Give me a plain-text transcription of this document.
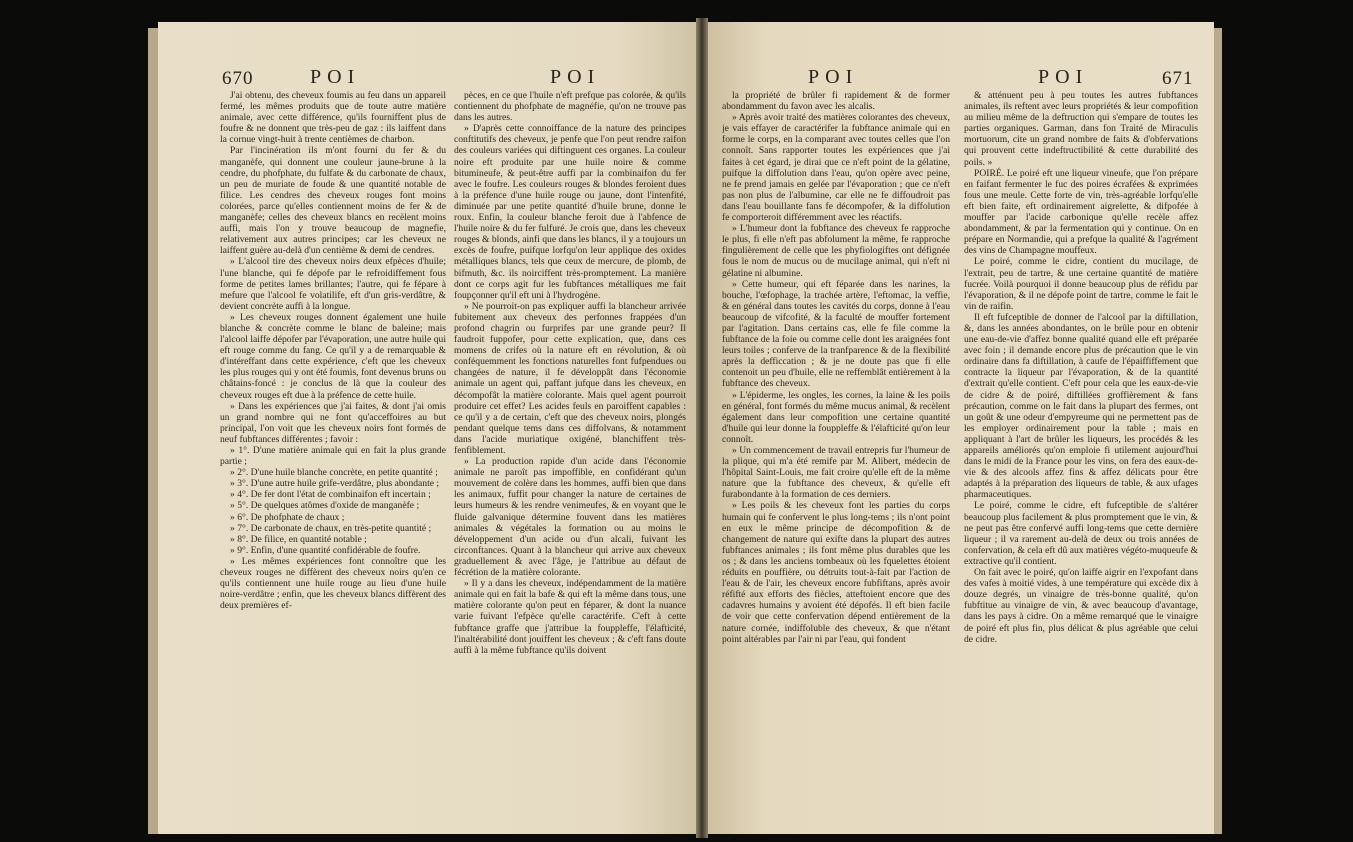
670	POI	POI	POI	POI	671

J'ai obtenu, des cheveux foumis au feu dans un appareil fermé, les mêmes produits que de toute autre matière animale, avec cette différence, qu'ils fourniffent plus de foufre & ne donnent que très-peu de gaz : ils laiffent dans la cornue vingt-huit à trente centièmes de charbon.

Par l'incinération ils m'ont fourni du fer & du manganèfe, qui donnent une couleur jaune-brune à la cendre, du phofphate, du fulfate & du carbonate de chaux, un peu de muriate de foude & une quantité notable de filice. Les cendres des cheveux rouges font moins colorées, parce qu'elles contiennent moins de fer & de manganèfe; celles des cheveux blancs en recèlent moins auffi, mais l'on y trouve beaucoup de magnefie, relativement aux autres principes; car les cheveux ne laiffent guère au-delà d'un centième & demi de cendres.

» L'alcool tire des cheveux noirs deux efpèces d'huile; l'une blanche, qui fe dépofe par le refroidiffement fous forme de petites lames brillantes; l'autre, qui fe fépare à mefure que l'alcool fe volatilife, eft d'un gris-verdâtre, & devient concrète auffi à la longue.

» Les cheveux rouges donnent également une huile blanche & concrète comme le blanc de baleine; mais l'alcool laiffe dépofer par l'évaporation, une autre huile qui eft rouge comme du fang. Ce qu'il y a de remarquable & d'intéreffant dans cette expérience, c'eft que les cheveux les plus rouges qui y ont été foumis, font devenus bruns ou châtains-foncé : je conclus de là que la couleur des cheveux rouges eft due à la préfence de cette huile.

» Dans les expériences que j'ai faites, & dont j'ai omis un grand nombre qui ne font qu'acceffoires au but principal, l'on voit que les cheveux noirs font formés de neuf fubftances différentes ; favoir :

» 1°. D'une matière animale qui en fait la plus grande partie ;

» 2°. D'une huile blanche concrète, en petite quantité ;

» 3°. D'une autre huile grife-verdâtre, plus abondante ;

» 4°. De fer dont l'état de combinaifon eft incertain ;

» 5°. De quelques atômes d'oxide de manganèfe ;

» 6°. De phofphate de chaux ;

» 7°. De carbonate de chaux, en très-petite quantité ;

» 8°. De filice, en quantité notable ;

» 9°. Enfin, d'une quantité confidérable de foufre.

» Les mêmes expériences font connoître que les cheveux rouges ne diffèrent des cheveux noirs qu'en ce qu'ils contiennent une huile rouge au lieu d'une huile noire-verdâtre ; enfin, que les cheveux blancs diffèrent des deux premières ef-

pèces, en ce que l'huile n'eft prefque pas colorée, & qu'ils contiennent du phofphate de magnéfie, qu'on ne trouve pas dans les autres.

» D'après cette connoiffance de la nature des principes conftitutifs des cheveux, je penfe que l'on peut rendre raifon des couleurs variées qui diftinguent ces organes. La couleur noire eft produite par une huile noire & comme bitumineufe, & peut-être auffi par la combinaifon du fer avec le foufre. Les couleurs rouges & blondes feroient dues à la préfence d'une huile rouge ou jaune, dont l'intenfité, diminuée par une petite quantité d'huile brune, donne le roux. Enfin, la couleur blanche feroit due à l'abfence de l'huile noire & du fer fulfuré. Je crois que, dans les cheveux rouges & blonds, ainfi que dans les blancs, il y a toujours un excès de foufre, puifque lorfqu'on leur applique des oxides métalliques blancs, tels que ceux de mercure, de plomb, de bifmuth, &c. ils noirciffent très-promptement. La manière dont ce corps agit fur les fubftances métalliques me fait foupçonner qu'il eft uni à l'hydrogène.

» Ne pourroit-on pas expliquer auffi la blancheur arrivée fubitement aux cheveux des perfonnes frappées d'un profond chagrin ou furprifes par une grande peur? Il faudroit fuppofer, pour cette explication, que, dans ces momens de crifes où la nature eft en révolution, & où conféquemment les fonctions naturelles font fufpendues ou changées de nature, il fe développât dans l'économie animale un agent qui, paffant jufque dans les cheveux, en décompofât la matière colorante. Mais quel agent pourroit produire cet effet? Les acides feuls en paroiffent capables : ce qu'il y a de certain, c'eft que des cheveux noirs, plongés pendant quelque tems dans ces diffolvans, & notamment dans l'acide muriatique oxigéné, blanchiffent très-fenfiblement.

» La production rapide d'un acide dans l'économie animale ne paroît pas impoffible, en confidérant qu'un mouvement de colère dans les hommes, auffi bien que dans les animaux, fuffit pour changer la nature de certaines de leurs humeurs & les rendre venimeufes, & en voyant que le fluide galvanique détermine fouvent dans les matières animales & végétales la formation ou au moins le développement d'un acide ou d'un alcali, fuivant les circonftances. Quant à la blancheur qui arrive aux cheveux graduellement & avec l'âge, je l'attribue au défaut de fécrétion de la matière colorante.

» Il y a dans les cheveux, indépendamment de la matière animale qui en fait la bafe & qui eft la même dans tous, une matière colorante qu'on peut en féparer, & dont la nuance varie fuivant l'efpèce qu'elle caractérife. C'eft à cette fubftance graffe que j'attribue la fouppleffe, l'élafticité, l'inaltérabilité dont jouiffent les cheveux ; & c'eft fans doute auffi à la même fubftance qu'ils doivent

la propriété de brûler fi rapidement & de former abondamment du favon avec les alcalis.

» Après avoir traité des matières colorantes des cheveux, je vais effayer de caractérifer la fubftance animale qui en forme le corps, en la comparant avec toutes celles que l'on connoît. Sans rapporter toutes les expériences que j'ai faites à cet égard, je dirai que ce n'eft point de la gélatine, puifque la diffolution dans l'eau, qu'on opère avec peine, ne fe prend jamais en gelée par l'évaporation ; que ce n'eft pas non plus de l'albumine, car elle ne fe diffoudroit pas dans l'eau bouillante fans fe décompofer, & la diffolution fe comporteroit différemment avec les réactifs.

» L'humeur dont la fubftance des cheveux fe rapproche le plus, fi elle n'eft pas abfolument la même, fe rapproche fingulièrement de celle que les phyfiologiftes ont défignée fous le nom de mucus ou de mucilage animal, qui n'eft ni gélatine ni albumine.

» Cette humeur, qui eft féparée dans les narines, la bouche, l'œfophage, la trachée artère, l'eftomac, la veffie, & en général dans toutes les cavités du corps, donne à l'eau beaucoup de vifcofité, & la faculté de mouffer fortement par l'agitation. Dans certains cas, elle fe file comme la fubftance de la foie ou comme celle dont les araignées font leurs toiles ; conferve de la tranfparence & de la flexibilité après la defficcation ; & je ne doute pas que fi elle contenoit un peu d'huile, elle ne reffemblât entièrement à la fubftance des cheveux.

» L'épiderme, les ongles, les cornes, la laine & les poils en général, font formés du même mucus animal, & recèlent également dans leur compofition une certaine quantité d'huile qui leur donne la fouppleffe & l'élafticité qu'on leur connoît.

» Un commencement de travail entrepris fur l'humeur de la plique, qui m'a été remife par M. Alibert, médecin de l'hôpital Saint-Louis, me fait croire qu'elle eft de la même nature que la fubftance des cheveux, & qu'elle eft furabondante à la formation de ces derniers.

» Les poils & les cheveux font les parties du corps humain qui fe confervent le plus long-tems ; ils n'ont point en eux le même principe de décompofition & de changement de nature qui exifte dans la plupart des autres fubftances animales ; ils font même plus durables que les os ; & dans les anciens tombeaux où les fquelettes étoient réduits en pouffière, ou détruits tout-à-fait par l'action de l'eau & de l'air, les cheveux encore fubfiftans, après avoir réfifté aux efforts des fiècles, atteftoient encore que des cadavres humains y avoient été dépofés. Il eft bien facile de voir que cette confervation dépend entièrement de la nature cornée, indiffoluble des cheveux, & que n'étant point altérables par l'air ni par l'eau, qui fondent

& atténuent peu à peu toutes les autres fubftances animales, ils reftent avec leurs propriétés & leur compofition au milieu même de la deftruction qui s'empare de toutes les parties organiques. Garman, dans fon Traité de Miraculis mortuorum, cite un grand nombre de faits & d'obfervations qui prouvent cette indeftructibilité & cette durabilité des poils. »

POIRÉ. Le poiré eft une liqueur vineufe, que l'on prépare en faifant fermenter le fuc des poires écrafées & exprimées fous une meule. Cette forte de vin, très-agréable lorfqu'elle eft bien faite, eft ordinairement aigrelette, & difpofée à mouffer par l'acide carbonique qu'elle recèle affez abondamment, & par la fermentation qui y continue. On en prépare en Normandie, qui a prefque la qualité & l'agrément des vins de Champagne mouffeux.

Le poiré, comme le cidre, contient du mucilage, de l'extrait, peu de tartre, & une certaine quantité de matière fucrée. Voilà pourquoi il donne beaucoup plus de réfidu par l'évaporation, & il ne dépofe point de tartre, comme le fait le vin de raifin.

Il eft fufceptible de donner de l'alcool par la diftillation, &, dans les années abondantes, on le brûle pour en obtenir une eau-de-vie d'affez bonne qualité quand elle eft préparée avec foin ; il demande encore plus de précaution que le vin ordinaire dans fa diftillation, à caufe de l'épaiffiffement que contracte la liqueur par l'évaporation, & de la quantité d'extrait qu'elle contient. C'eft pour cela que les eaux-de-vie de cidre & de poiré, diftillées groffièrement & fans précaution, comme on le fait dans la plupart des fermes, ont un goût & une odeur d'empyreume qui ne permettent pas de les employer ordinairement pour la table ; mais en appliquant à l'art de brûler les liqueurs, les procédés & les appareils améliorés qu'on emploie fi utilement aujourd'hui dans le midi de la France pour les vins, on fera des eaux-de-vie & des alcools affez fins & affez délicats pour être adaptés à la préparation des liqueurs de table, & aux ufages pharmaceutiques.

Le poiré, comme le cidre, eft fufceptible de s'altérer beaucoup plus facilement & plus promptement que le vin, & ne peut pas être confervé auffi long-tems que cette dernière liqueur ; il va rarement au-delà de deux ou trois années de confervation, & cela eft dû aux matières végéto-muqueufe & extractive qu'il contient.

On fait avec le poiré, qu'on laiffe aigrir en l'expofant dans des vafes à moitié vides, à une température qui excède dix à douze degrés, un vinaigre de très-bonne qualité, qu'on fubftitue au vinaigre de vin, & avec beaucoup d'avantage, dans les pays à cidre. On a même remarqué que le vinaigre de poiré eft plus fin, plus délicat & plus agréable que celui de cidre.
